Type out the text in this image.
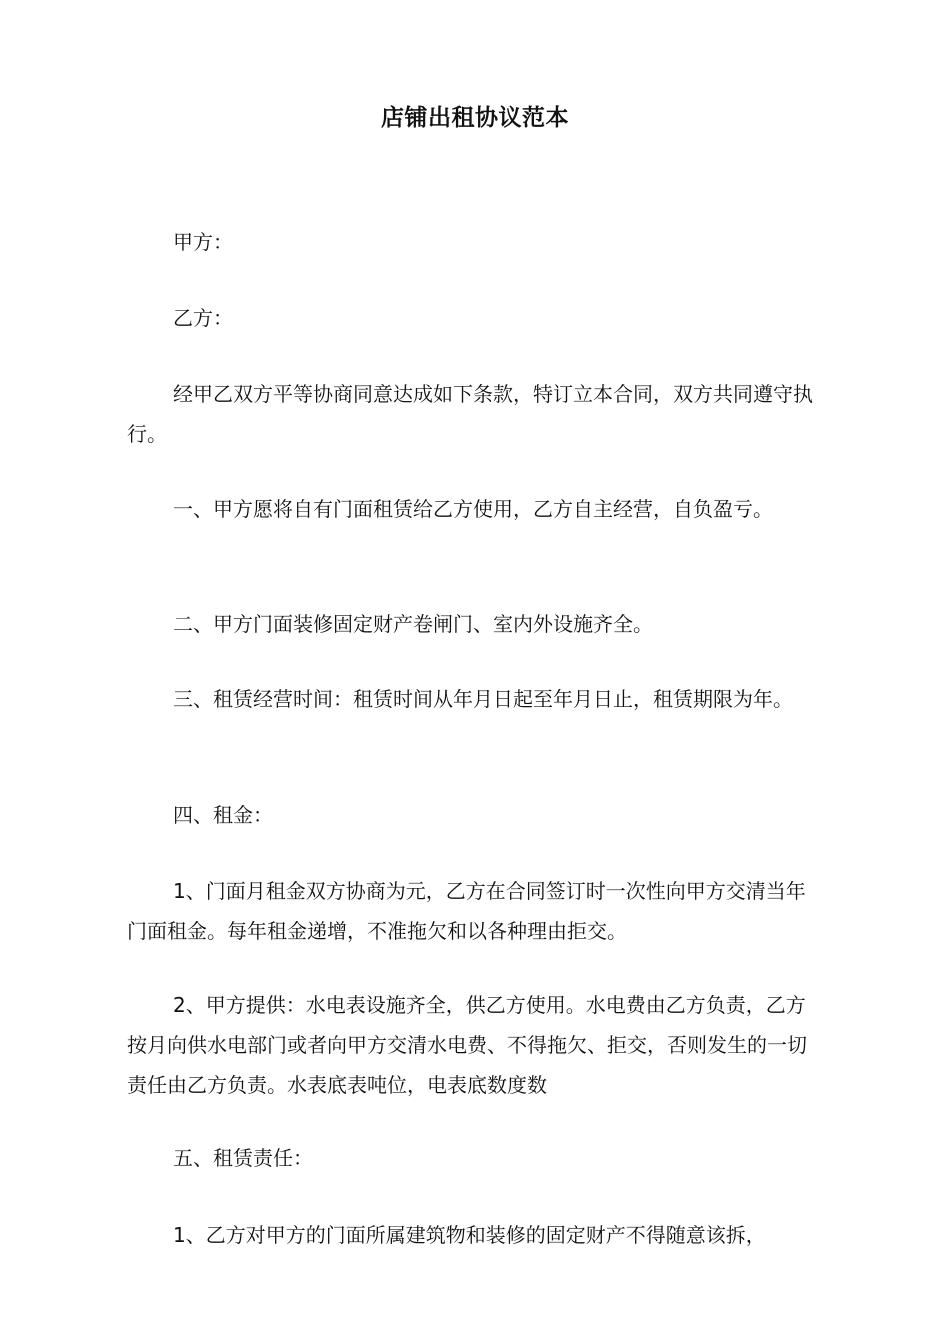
店铺出租协议范本

甲方：

乙方：

经甲乙双方平等协商同意达成如下条款，特订立本合同，双方共同遵守执行。

一、甲方愿将自有门面租赁给乙方使用，乙方自主经营，自负盈亏。

二、甲方门面装修固定财产卷闸门、室内外设施齐全。

三、租赁经营时间：租赁时间从年月日起至年月日止，租赁期限为年。

四、租金：

1、门面月租金双方协商为元，乙方在合同签订时一次性向甲方交清当年门面租金。每年租金递增，不准拖欠和以各种理由拒交。

2、甲方提供：水电表设施齐全，供乙方使用。水电费由乙方负责，乙方按月向供水电部门或者向甲方交清水电费、不得拖欠、拒交，否则发生的一切责任由乙方负责。水表底表吨位，电表底数度数

五、租赁责任：

1、乙方对甲方的门面所属建筑物和装修的固定财产不得随意该拆，
